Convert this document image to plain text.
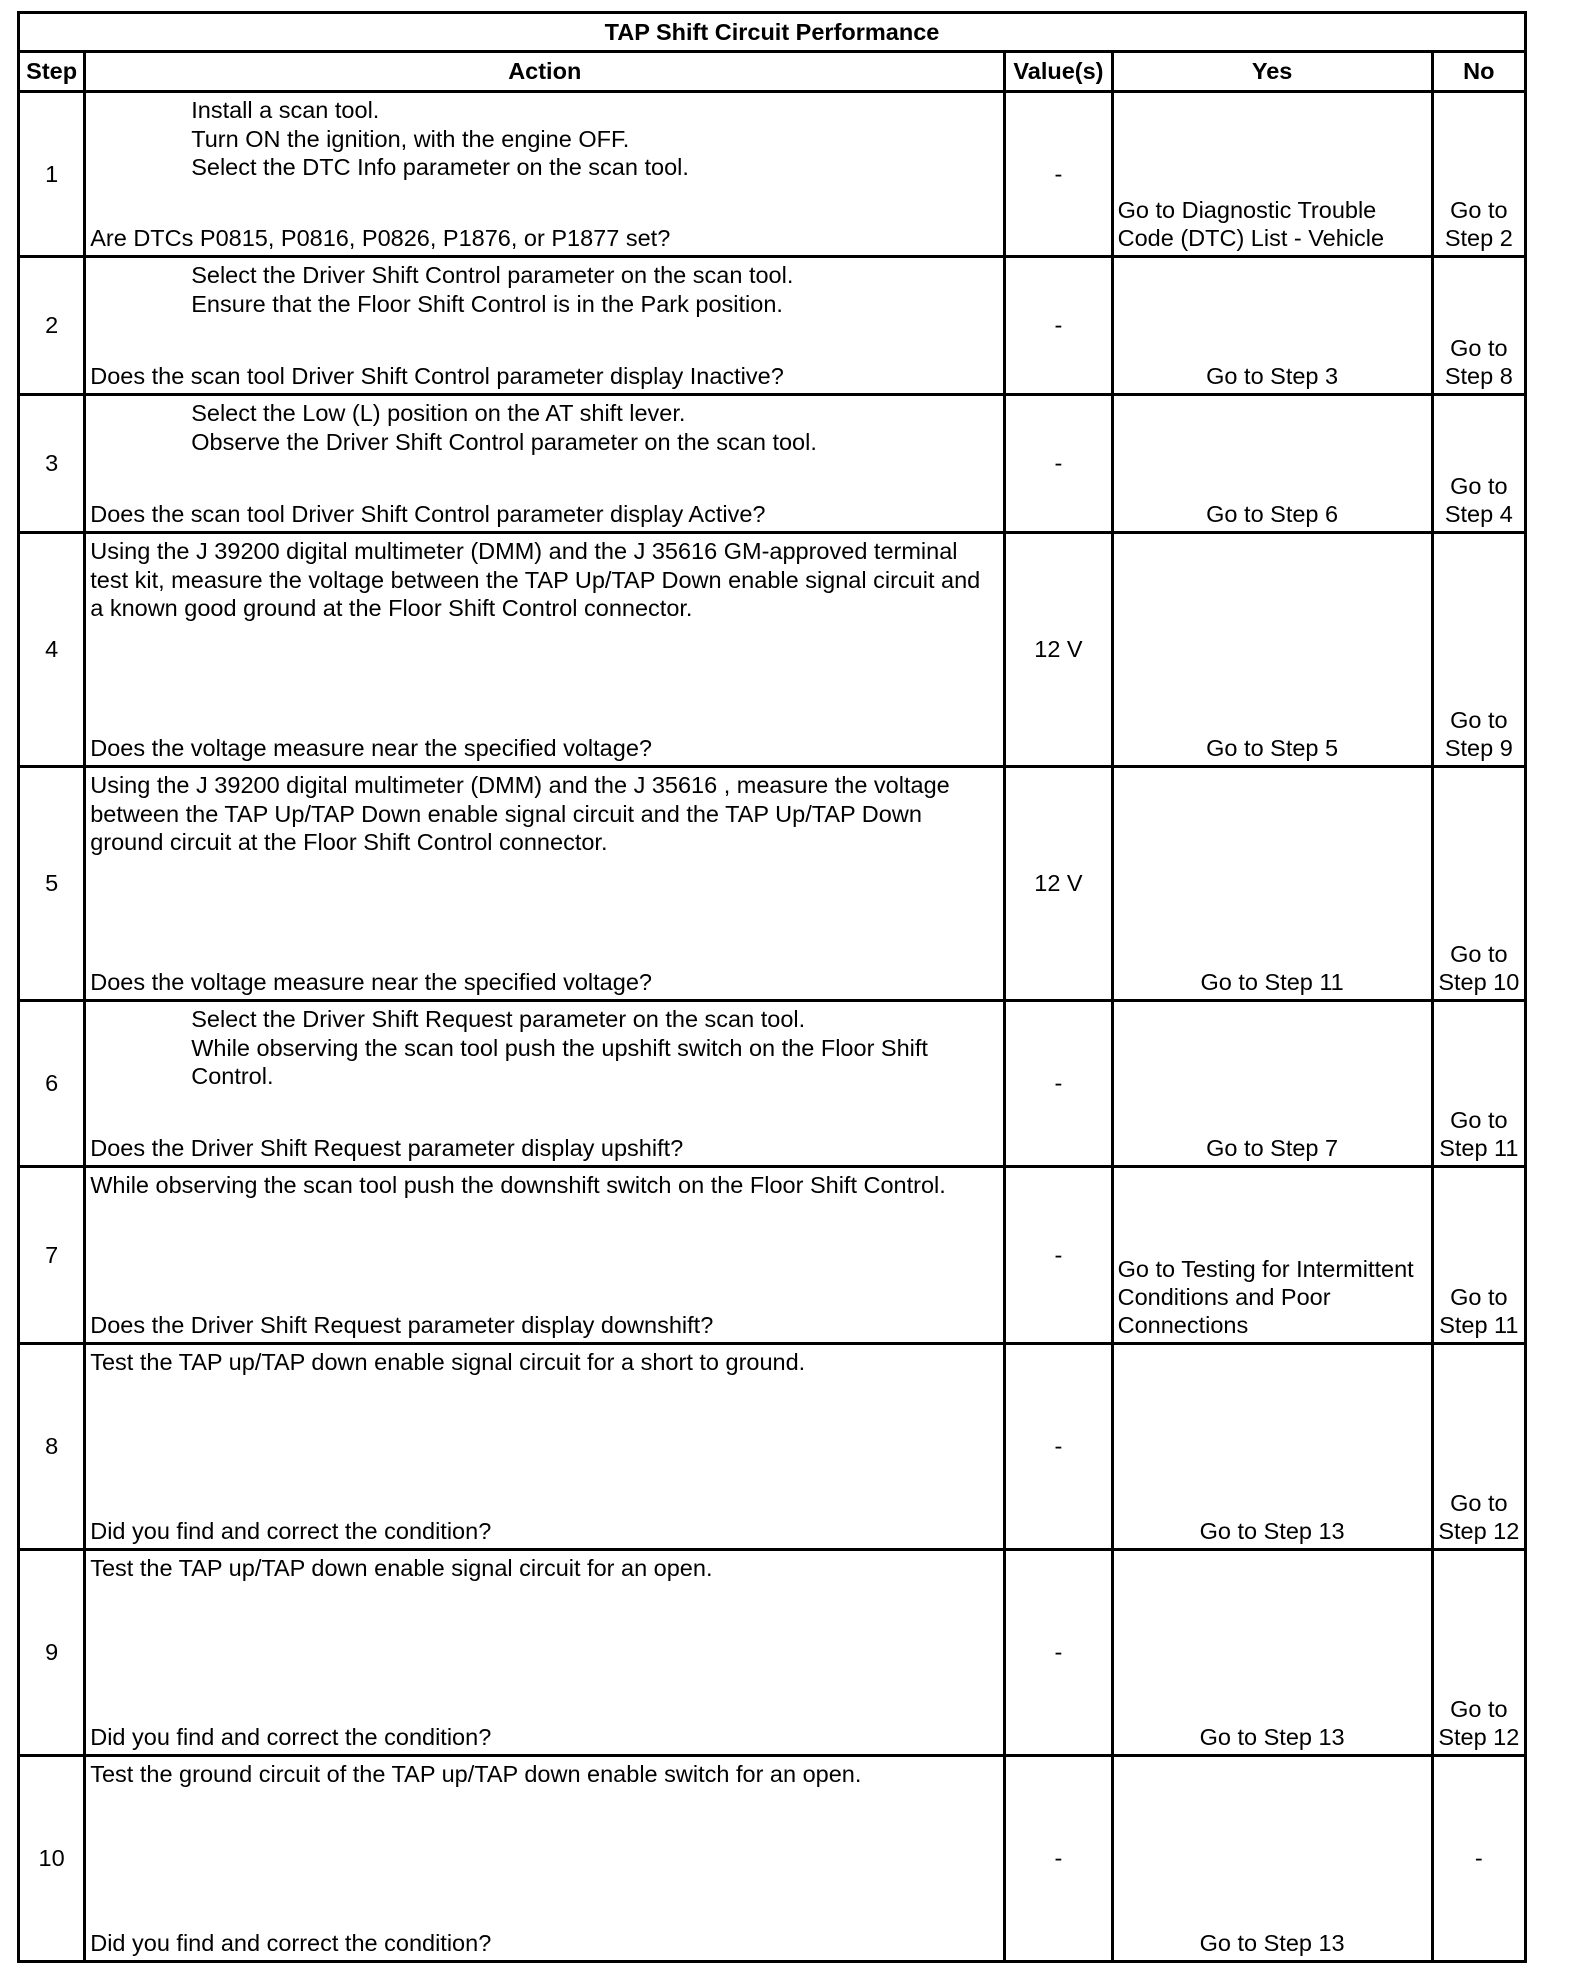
TAP Shift Circuit Performance				
Step	Action	Value(s)	Yes	No
1	Install a scan tool.
Turn ON the ignition, with the engine OFF.
Select the DTC Info parameter on the scan tool.
Are DTCs P0815, P0816, P0826, P1876, or P1877 set?	-	Go to Diagnostic Trouble Code (DTC) List - Vehicle	Go to Step 2
2	Select the Driver Shift Control parameter on the scan tool.
Ensure that the Floor Shift Control is in the Park position.
Does the scan tool Driver Shift Control parameter display Inactive?	-	Go to Step 3	Go to Step 8
3	Select the Low (L) position on the AT shift lever.
Observe the Driver Shift Control parameter on the scan tool.
Does the scan tool Driver Shift Control parameter display Active?	-	Go to Step 6	Go to Step 4
4	Using the J 39200 digital multimeter (DMM) and the J 35616 GM-approved terminal test kit, measure the voltage between the TAP Up/TAP Down enable signal circuit and a known good ground at the Floor Shift Control connector.
Does the voltage measure near the specified voltage?	12 V	Go to Step 5	Go to Step 9
5	Using the J 39200 digital multimeter (DMM) and the J 35616 , measure the voltage between the TAP Up/TAP Down enable signal circuit and the TAP Up/TAP Down ground circuit at the Floor Shift Control connector.
Does the voltage measure near the specified voltage?	12 V	Go to Step 11	Go to Step 10
6	Select the Driver Shift Request parameter on the scan tool.
While observing the scan tool push the upshift switch on the Floor Shift Control.
Does the Driver Shift Request parameter display upshift?	-	Go to Step 7	Go to Step 11
7	While observing the scan tool push the downshift switch on the Floor Shift Control.
Does the Driver Shift Request parameter display downshift?	-	Go to Testing for Intermittent Conditions and Poor Connections	Go to Step 11
8	Test the TAP up/TAP down enable signal circuit for a short to ground.
Did you find and correct the condition?	-	Go to Step 13	Go to Step 12
9	Test the TAP up/TAP down enable signal circuit for an open.
Did you find and correct the condition?	-	Go to Step 13	Go to Step 12
10	Test the ground circuit of the TAP up/TAP down enable switch for an open.
Did you find and correct the condition?	-	Go to Step 13	-
